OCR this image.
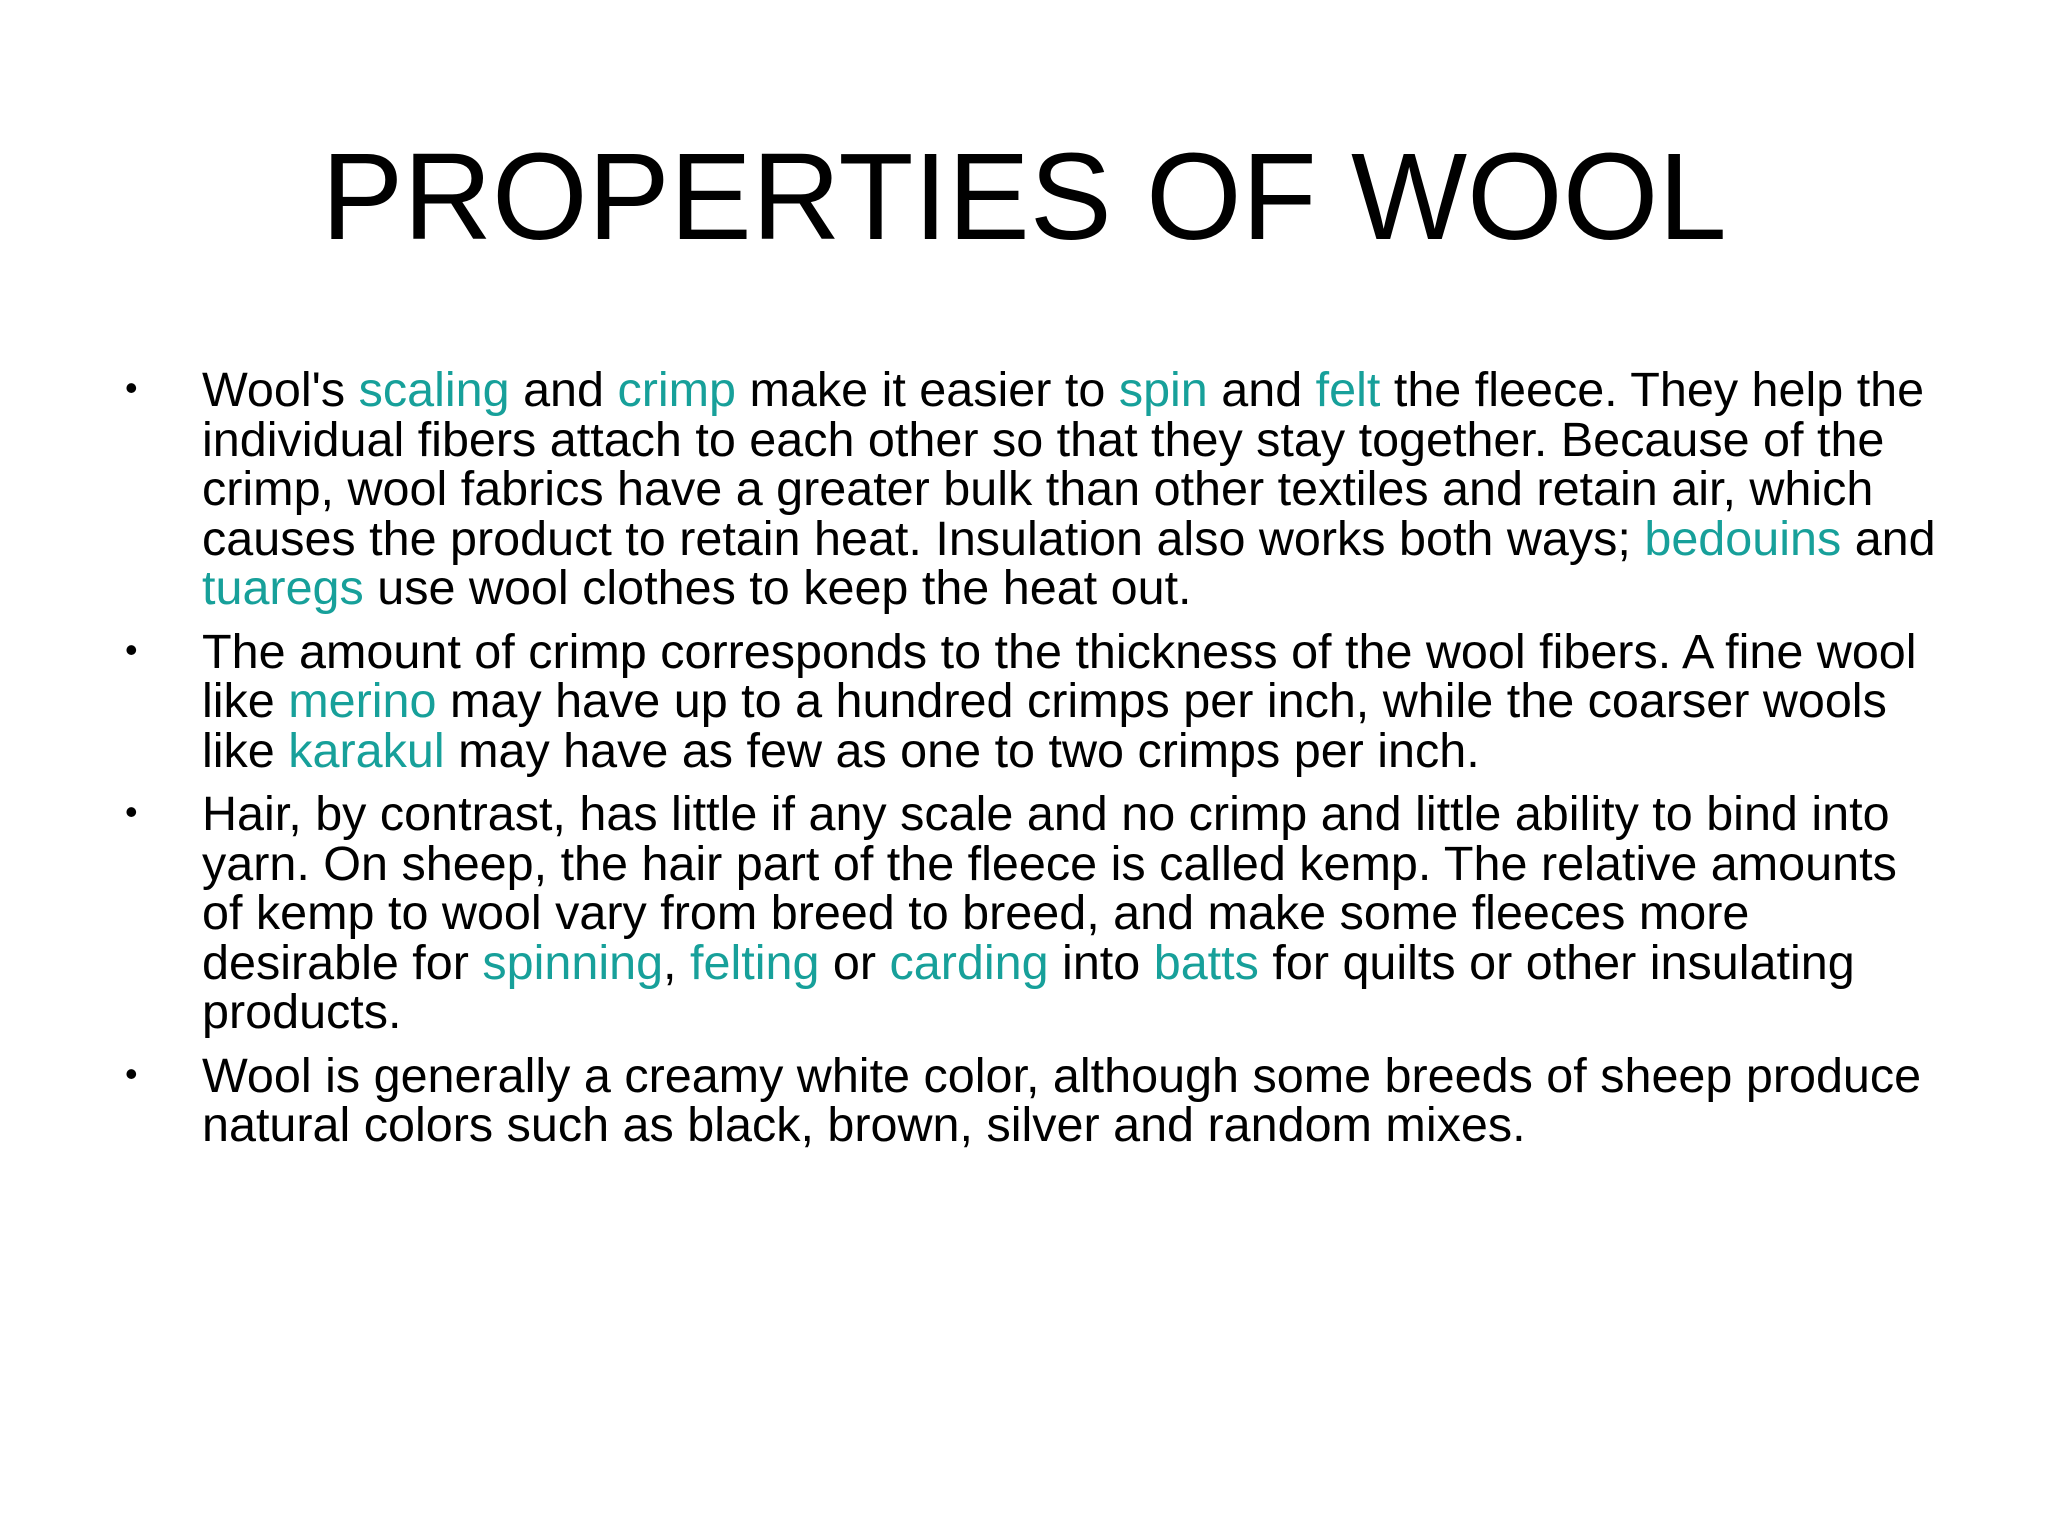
PROPERTIES OF WOOL
• Wool's scaling and crimp make it easier to spin and felt the fleece. They help the individual fibers attach to each other so that they stay together. Because of the crimp, wool fabrics have a greater bulk than other textiles and retain air, which causes the product to retain heat. Insulation also works both ways; bedouins and tuaregs use wool clothes to keep the heat out.
• The amount of crimp corresponds to the thickness of the wool fibers. A fine wool like merino may have up to a hundred crimps per inch, while the coarser wools like karakul may have as few as one to two crimps per inch.
• Hair, by contrast, has little if any scale and no crimp and little ability to bind into yarn. On sheep, the hair part of the fleece is called kemp. The relative amounts of kemp to wool vary from breed to breed, and make some fleeces more desirable for spinning, felting or carding into batts for quilts or other insulating products.
• Wool is generally a creamy white color, although some breeds of sheep produce natural colors such as black, brown, silver and random mixes.
